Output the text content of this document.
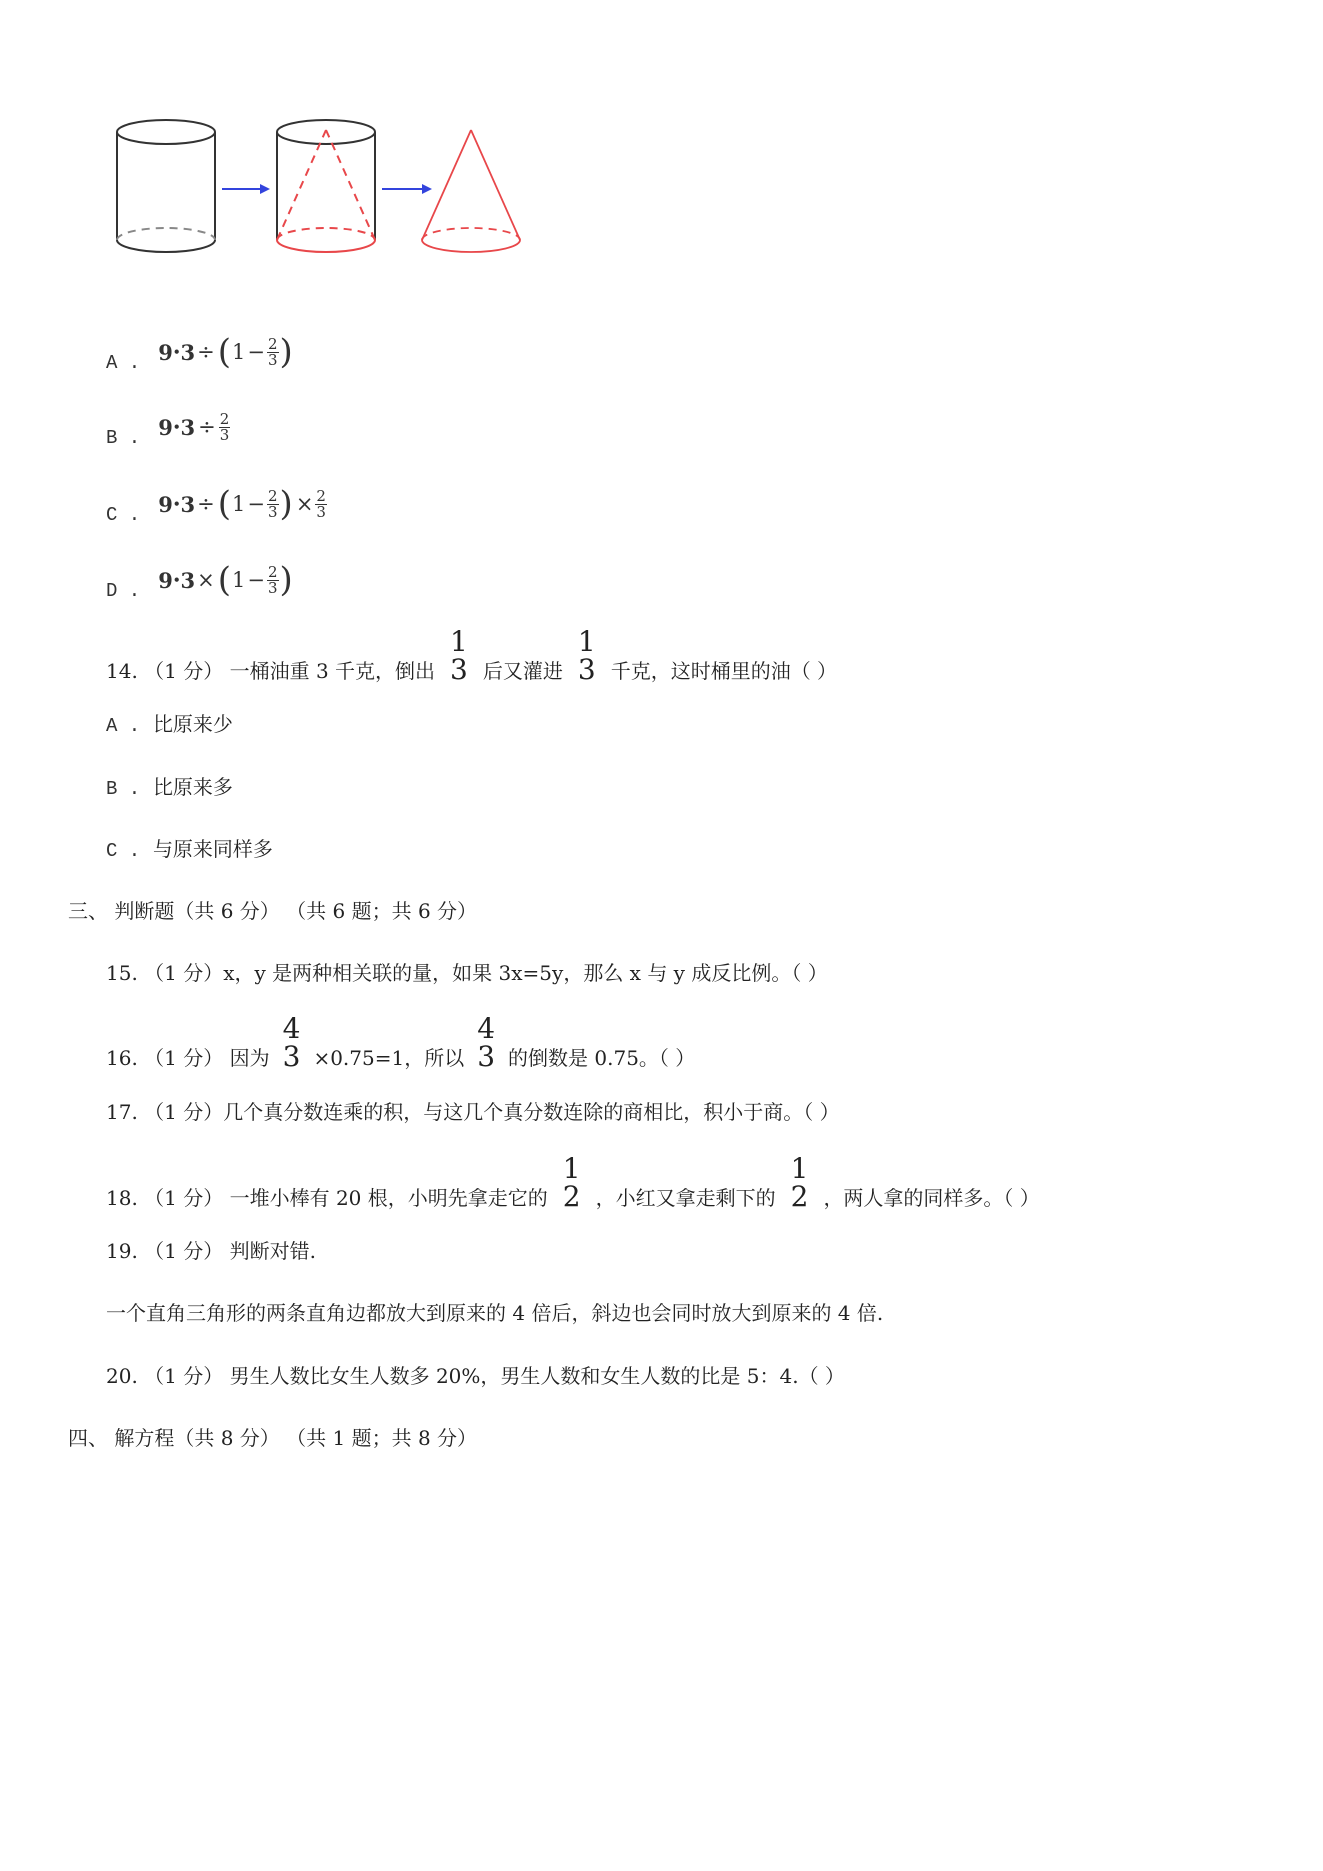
A . 9 • 3 ÷ ( $1 - \frac{2}{3}$ )
B . 9 • $3 \div \frac{2}{3}$
C . 9 • 3 ÷ ( $1 - \frac{2}{3}$ ) × $\frac{2}{3}$
D . 9 • 3 × ( $1 - \frac{2}{3}$ )
14. （1 分） 一桶油重 3 千克，倒出
1
3 后又灌进
1
3 千克，这时桶里的油（ ）
A . 比原来少
B . 比原来多
C . 与原来同样多
三、 判断题（共 6 分） （共 6 题；共 6 分）
15. （1 分）x，y 是两种相关联的量，如果 3x=5y，那么 x 与 y 成反比例。（ ）
16. （1 分） 因为
4
3 ×0.75=1，所以
4
3 的倒数是 0.75。（ ）
17. （1 分）几个真分数连乘的积，与这几个真分数连除的商相比，积小于商。（ ）
18. （1 分） 一堆小棒有 20 根，小明先拿走它的
1
2 ，小红又拿走剩下的
1
2 ，两人拿的同样多。（ ）
19. （1 分） 判断对错.
一个直角三角形的两条直角边都放大到原来的 4 倍后，斜边也会同时放大到原来的 4 倍.
20. （1 分） 男生人数比女生人数多 20%，男生人数和女生人数的比是 5：4.（ ）
四、 解方程（共 8 分） （共 1 题；共 8 分）
